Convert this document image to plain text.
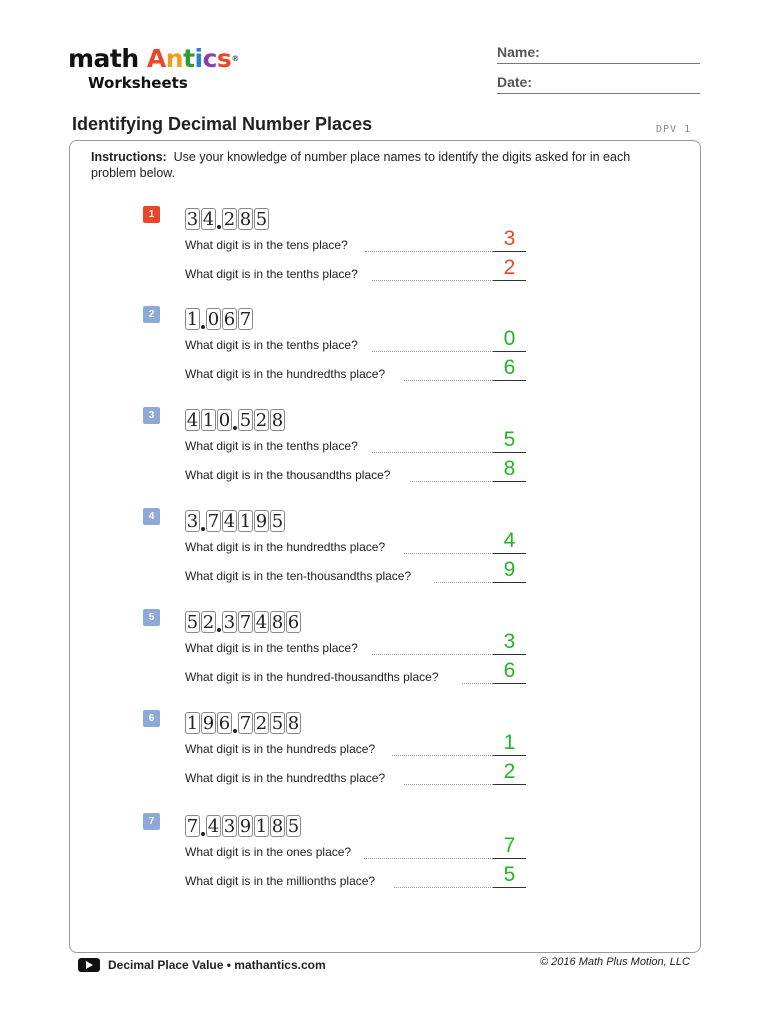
math Antics®
Worksheets
Name:
Date:
Identifying Decimal Number Places	DPV 1
Instructions: Use your knowledge of number place names to identify the digits asked for in each problem below.
1	3 4 2 8 5
What digit is in the tens place?	3
What digit is in the tenths place?	2
2	1 0 6 7
What digit is in the tenths place?	0
What digit is in the hundredths place?	6
3	4 1 0 5 2 8
What digit is in the tenths place?	5
What digit is in the thousandths place?	8
4	3 7 4 1 9 5
What digit is in the hundredths place?	4
What digit is in the ten-thousandths place?	9
5	5 2 3 7 4 8 6
What digit is in the tenths place?	3
What digit is in the hundred-thousandths place?	6
6	1 9 6 7 2 5 8
What digit is in the hundreds place?	1
What digit is in the hundredths place?	2
7	7 4 3 9 1 8 5
What digit is in the ones place?	7
What digit is in the millionths place?	5
Decimal Place Value • mathantics.com	© 2016 Math Plus Motion, LLC
